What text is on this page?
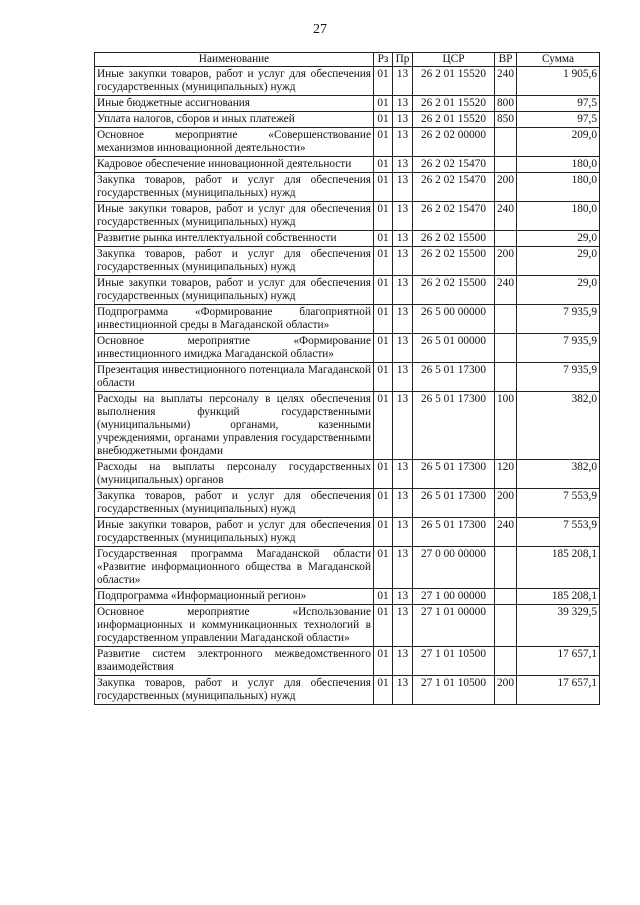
27
Наименование	Рз	Пр	ЦСР	ВР	Сумма
Иные закупки товаров, работ и услуг для обеспечения государственных (муниципальных) нужд	01	13	26 2 01 15520	240	1 905,6
Иные бюджетные ассигнования	01	13	26 2 01 15520	800	97,5
Уплата налогов, сборов и иных платежей	01	13	26 2 01 15520	850	97,5
Основное мероприятие «Совершенствование механизмов инновационной деятельности»	01	13	26 2 02 00000		209,0
Кадровое обеспечение инновационной деятельности	01	13	26 2 02 15470		180,0
Закупка товаров, работ и услуг для обеспечения государственных (муниципальных) нужд	01	13	26 2 02 15470	200	180,0
Иные закупки товаров, работ и услуг для обеспечения государственных (муниципальных) нужд	01	13	26 2 02 15470	240	180,0
Развитие рынка интеллектуальной собственности	01	13	26 2 02 15500		29,0
Закупка товаров, работ и услуг для обеспечения государственных (муниципальных) нужд	01	13	26 2 02 15500	200	29,0
Иные закупки товаров, работ и услуг для обеспечения государственных (муниципальных) нужд	01	13	26 2 02 15500	240	29,0
Подпрограмма «Формирование благоприятной инвестиционной среды в Магаданской области»	01	13	26 5 00 00000		7 935,9
Основное мероприятие «Формирование инвестиционного имиджа Магаданской области»	01	13	26 5 01 00000		7 935,9
Презентация инвестиционного потенциала Магаданской области	01	13	26 5 01 17300		7 935,9
Расходы на выплаты персоналу в целях обеспечения выполнения функций государственными (муниципальными) органами, казенными учреждениями, органами управления государственными внебюджетными фондами	01	13	26 5 01 17300	100	382,0
Расходы на выплаты персоналу государственных (муниципальных) органов	01	13	26 5 01 17300	120	382,0
Закупка товаров, работ и услуг для обеспечения государственных (муниципальных) нужд	01	13	26 5 01 17300	200	7 553,9
Иные закупки товаров, работ и услуг для обеспечения государственных (муниципальных) нужд	01	13	26 5 01 17300	240	7 553,9
Государственная программа Магаданской области «Развитие информационного общества в Магаданской области»	01	13	27 0 00 00000		185 208,1
Подпрограмма «Информационный регион»	01	13	27 1 00 00000		185 208,1
Основное мероприятие «Использование информационных и коммуникационных технологий в государственном управлении Магаданской области»	01	13	27 1 01 00000		39 329,5
Развитие систем электронного межведомственного взаимодействия	01	13	27 1 01 10500		17 657,1
Закупка товаров, работ и услуг для обеспечения государственных (муниципальных) нужд	01	13	27 1 01 10500	200	17 657,1
